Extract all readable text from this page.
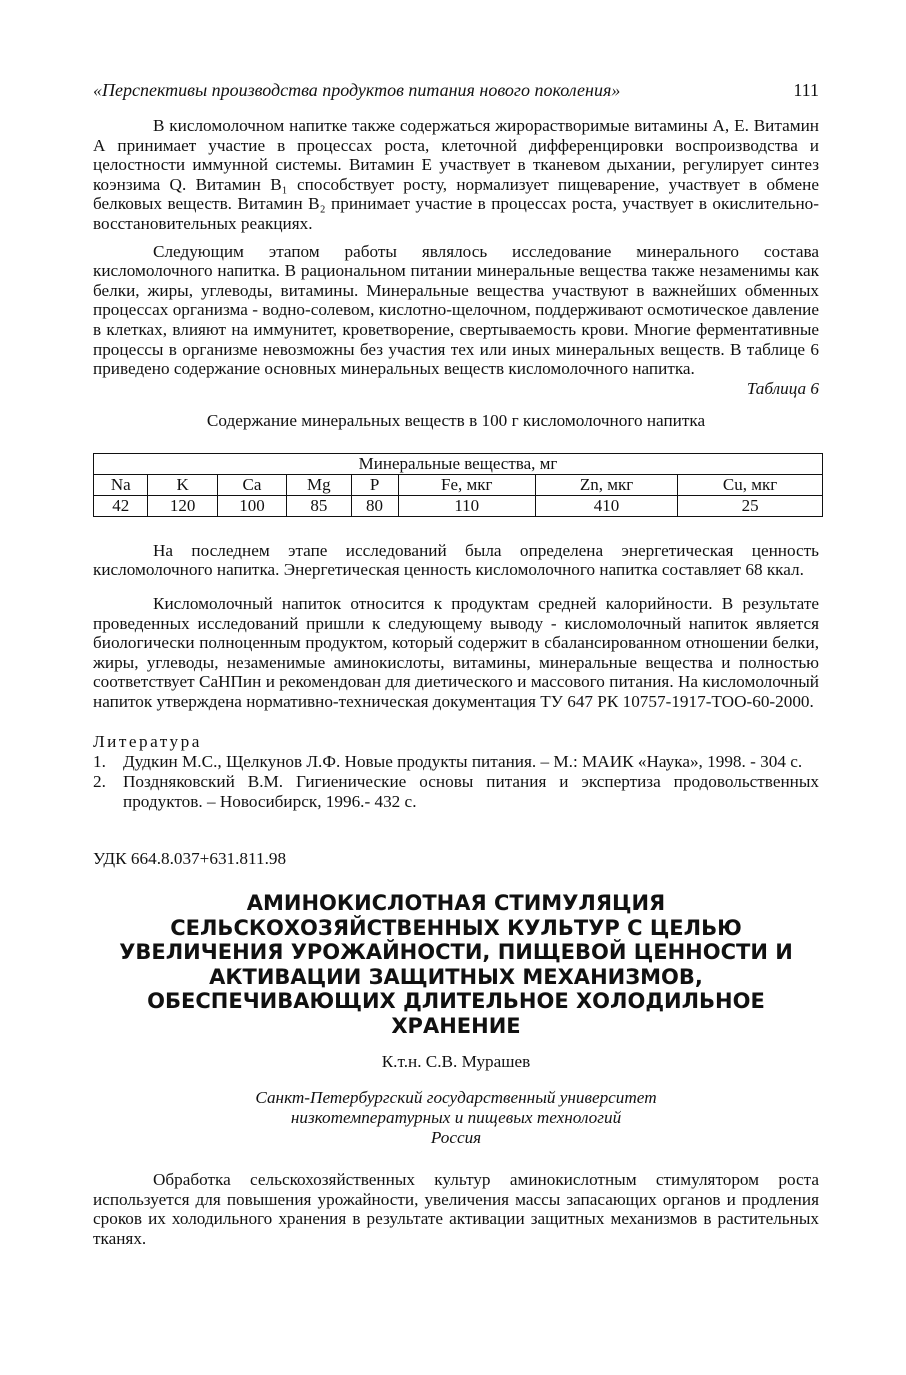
«Перспективы производства продуктов питания нового поколения»	111

В кисломолочном напитке также содержаться жирорастворимые витамины А, Е. Витамин А принимает участие в процессах роста, клеточной дифференцировки воспроизводства и целостности иммунной системы. Витамин Е участвует в тканевом дыхании, регулирует синтез коэнзима Q. Витамин B₁ способствует росту, нормализует пищеварение, участвует в обмене белковых веществ. Витамин B₂ принимает участие в процессах роста, участвует в окислительно-восстановительных реакциях.

Следующим этапом работы являлось исследование минерального состава кисломолочного напитка. В рациональном питании минеральные вещества также незаменимы как белки, жиры, углеводы, витамины. Минеральные вещества участвуют в важнейших обменных процессах организма - водно-солевом, кислотно-щелочном, поддерживают осмотическое давление в клетках, влияют на иммунитет, кроветворение, свертываемость крови. Многие ферментативные процессы в организме невозможны без участия тех или иных минеральных веществ. В таблице 6 приведено содержание основных минеральных веществ кисломолочного напитка.

Таблица 6
Содержание минеральных веществ в 100 г кисломолочного напитка
Минеральные вещества, мг							
Na	K	Ca	Mg	P	Fe, мкг	Zn, мкг	Cu, мкг
42	120	100	85	80	110	410	25

На последнем этапе исследований была определена энергетическая ценность кисломолочного напитка. Энергетическая ценность кисломолочного напитка составляет 68 ккал.

Кисломолочный напиток относится к продуктам средней калорийности. В результате проведенных исследований пришли к следующему выводу - кисломолочный напиток является биологически полноценным продуктом, который содержит в сбалансированном отношении белки, жиры, углеводы, незаменимые аминокислоты, витамины, минеральные вещества и полностью соответствует СаНПин и рекомендован для диетического и массового питания. На кисломолочный напиток утверждена нормативно-техническая документация ТУ 647 РК 10757-1917-ТОО-60-2000.

Литература
1. Дудкин М.С., Щелкунов Л.Ф. Новые продукты питания. – М.: МАИК «Наука», 1998. - 304 с.
2. Поздняковский В.М. Гигиенические основы питания и экспертиза продовольственных продуктов. – Новосибирск, 1996.- 432 с.
УДК 664.8.037+631.811.98
АМИНОКИСЛОТНАЯ СТИМУЛЯЦИЯ
СЕЛЬСКОХОЗЯЙСТВЕННЫХ КУЛЬТУР С ЦЕЛЬЮ
УВЕЛИЧЕНИЯ УРОЖАЙНОСТИ, ПИЩЕВОЙ ЦЕННОСТИ И
АКТИВАЦИИ ЗАЩИТНЫХ МЕХАНИЗМОВ,
ОБЕСПЕЧИВАЮЩИХ ДЛИТЕЛЬНОЕ ХОЛОДИЛЬНОЕ
ХРАНЕНИЕ
К.т.н. С.В. Мурашев
Санкт-Петербургский государственный университет
низкотемпературных и пищевых технологий
Россия

Обработка сельскохозяйственных культур аминокислотным стимулятором роста используется для повышения урожайности, увеличения массы запасающих органов и продления сроков их холодильного хранения в результате активации защитных механизмов в растительных тканях.
